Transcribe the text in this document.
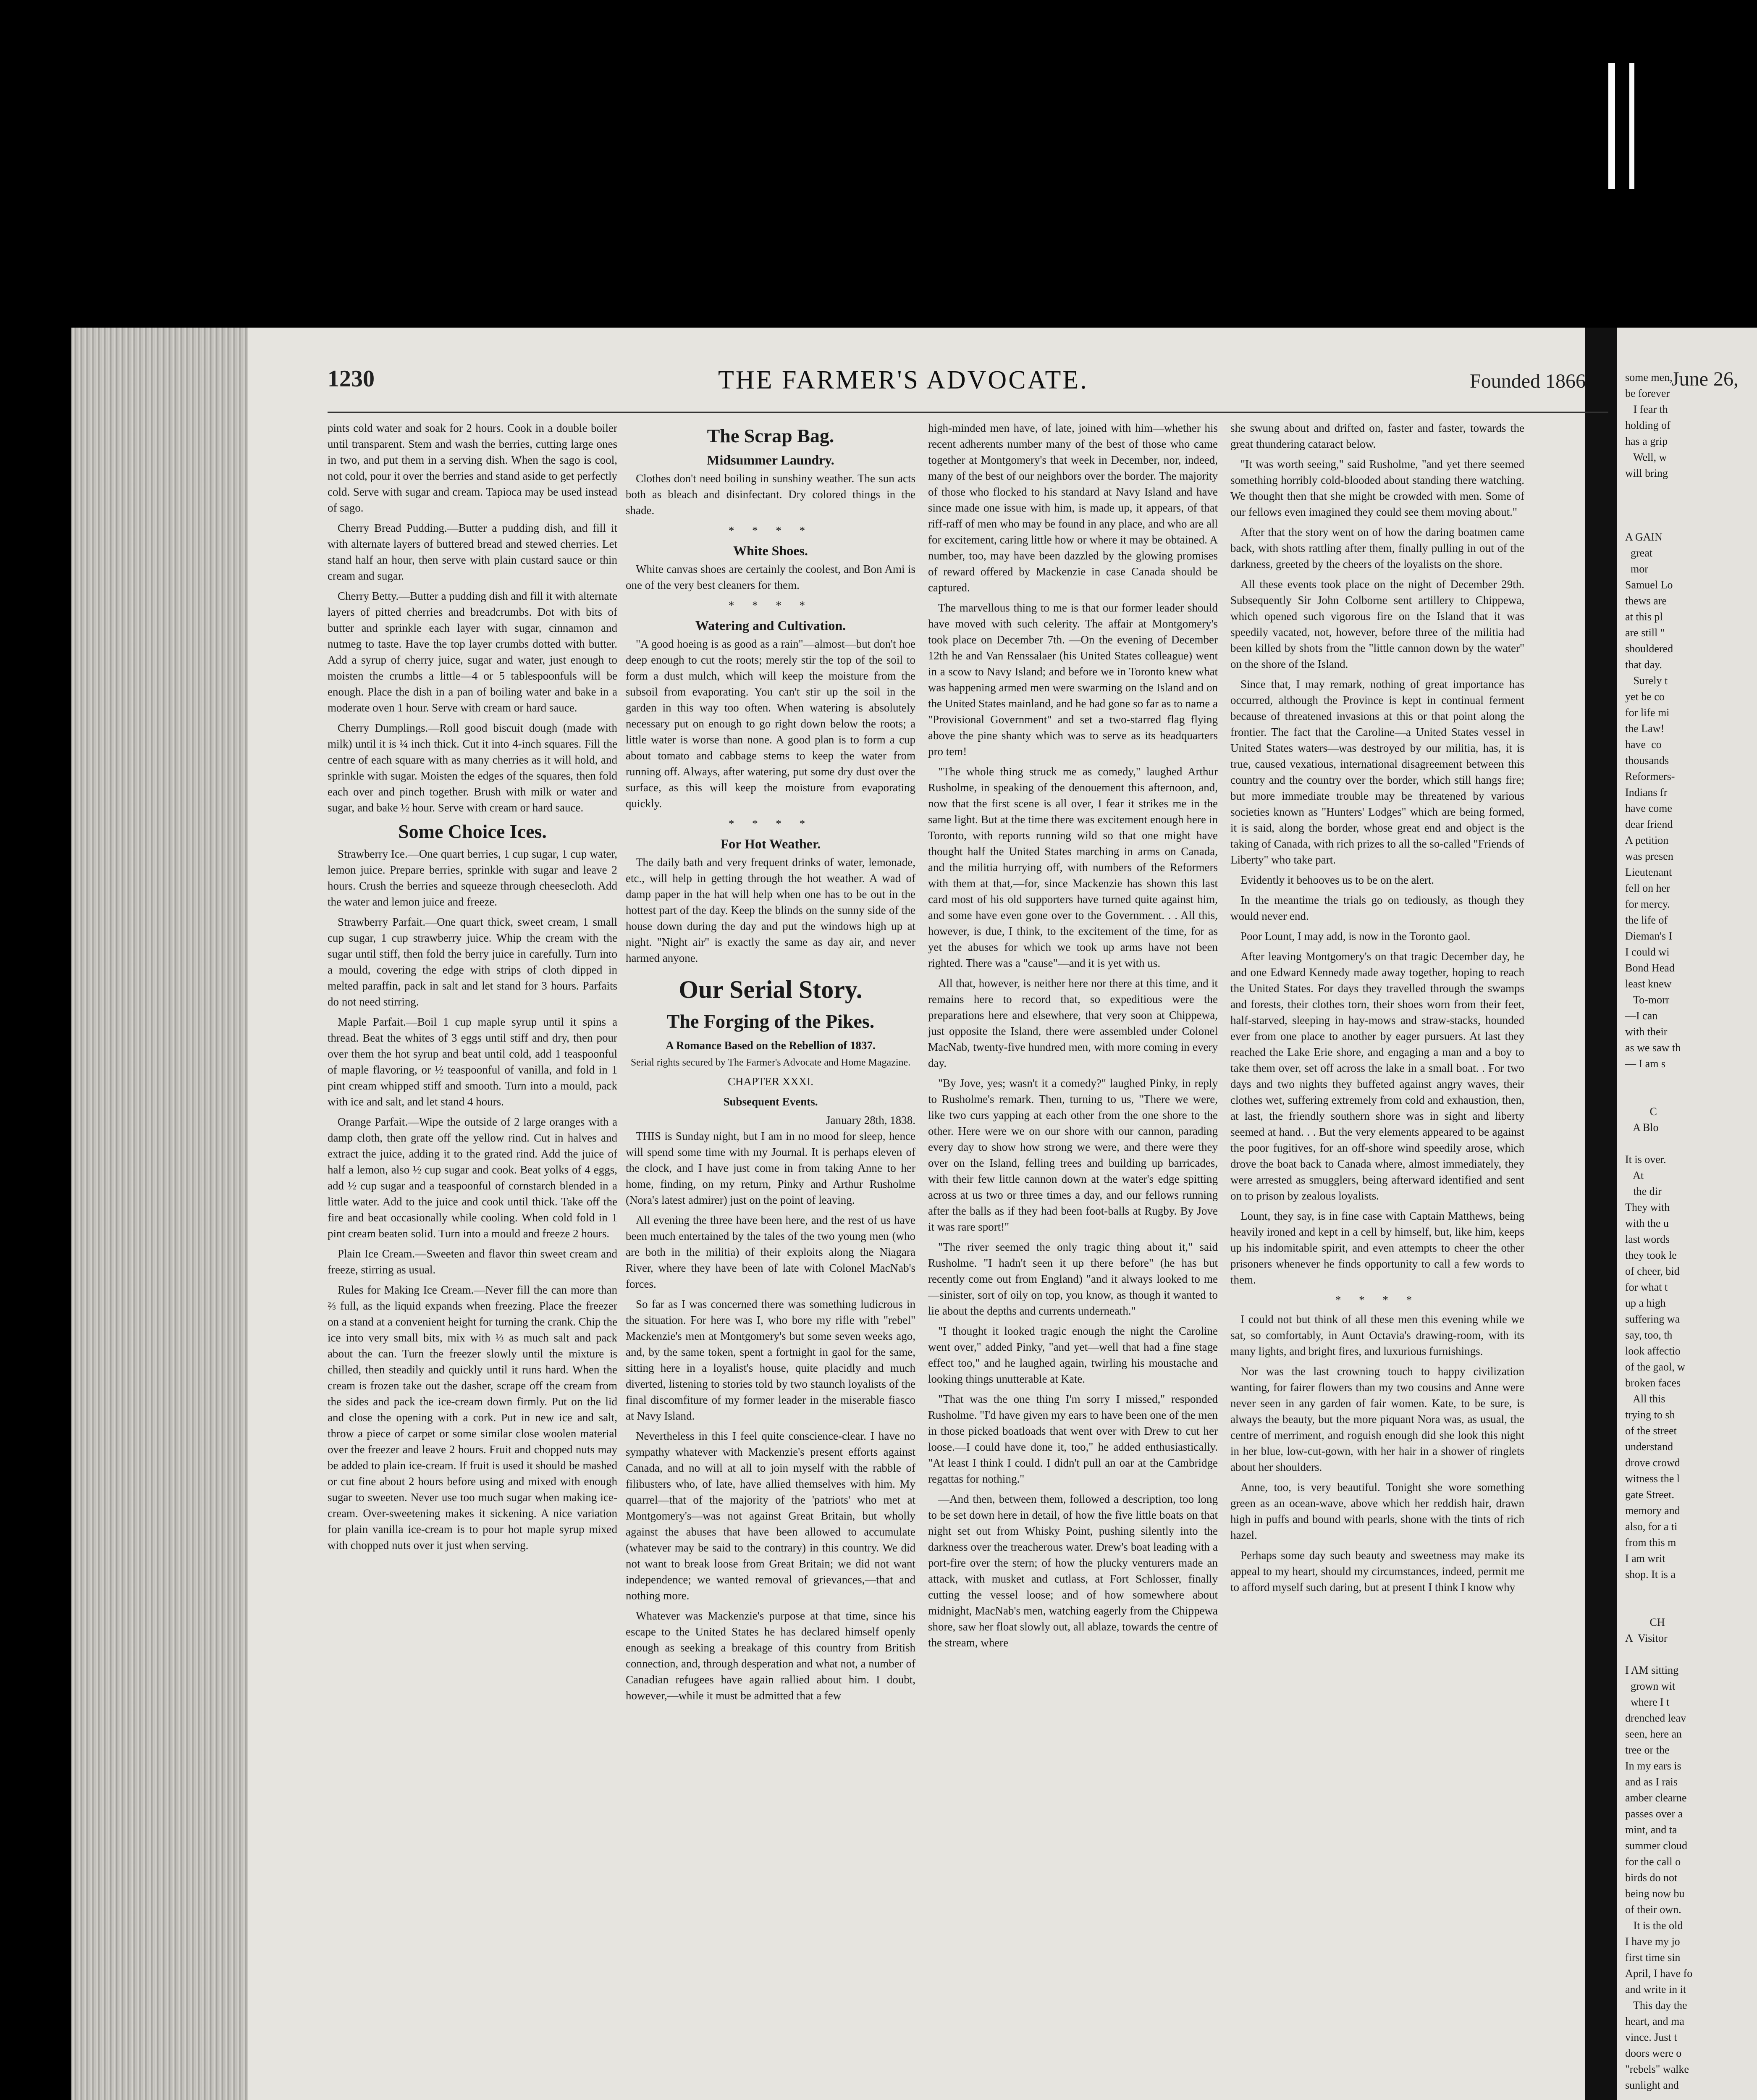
1230	THE FARMER'S ADVOCATE.	Founded 1866	June 26,

pints cold water and soak for 2 hours. Cook in a double boiler until transparent. Stem and wash the berries, cutting large ones in two, and put them in a serving dish. When the sago is cool, not cold, pour it over the berries and stand aside to get perfectly cold. Serve with sugar and cream. Tapioca may be used instead of sago.

Cherry Bread Pudding.—Butter a pudding dish, and fill it with alternate layers of buttered bread and stewed cherries. Let stand half an hour, then serve with plain custard sauce or thin cream and sugar.

Cherry Betty.—Butter a pudding dish and fill it with alternate layers of pitted cherries and breadcrumbs. Dot with bits of butter and sprinkle each layer with sugar, cinnamon and nutmeg to taste. Have the top layer crumbs dotted with butter. Add a syrup of cherry juice, sugar and water, just enough to moisten the crumbs a little—4 or 5 tablespoonfuls will be enough. Place the dish in a pan of boiling water and bake in a moderate oven 1 hour. Serve with cream or hard sauce.

Cherry Dumplings.—Roll good biscuit dough (made with milk) until it is ¼ inch thick. Cut it into 4-inch squares. Fill the centre of each square with as many cherries as it will hold, and sprinkle with sugar. Moisten the edges of the squares, then fold each over and pinch together. Brush with milk or water and sugar, and bake ½ hour. Serve with cream or hard sauce.

Some Choice Ices.

Strawberry Ice.—One quart berries, 1 cup sugar, 1 cup water, lemon juice. Prepare berries, sprinkle with sugar and leave 2 hours. Crush the berries and squeeze through cheesecloth. Add the water and lemon juice and freeze.

Strawberry Parfait.—One quart thick, sweet cream, 1 small cup sugar, 1 cup strawberry juice. Whip the cream with the sugar until stiff, then fold the berry juice in carefully. Turn into a mould, covering the edge with strips of cloth dipped in melted paraffin, pack in salt and let stand for 3 hours. Parfaits do not need stirring.

Maple Parfait.—Boil 1 cup maple syrup until it spins a thread. Beat the whites of 3 eggs until stiff and dry, then pour over them the hot syrup and beat until cold, add 1 teaspoonful of maple flavoring, or ½ teaspoonful of vanilla, and fold in 1 pint cream whipped stiff and smooth. Turn into a mould, pack with ice and salt, and let stand 4 hours.

Orange Parfait.—Wipe the outside of 2 large oranges with a damp cloth, then grate off the yellow rind. Cut in halves and extract the juice, adding it to the grated rind. Add the juice of half a lemon, also ½ cup sugar and cook. Beat yolks of 4 eggs, add ½ cup sugar and a teaspoonful of cornstarch blended in a little water. Add to the juice and cook until thick. Take off the fire and beat occasionally while cooling. When cold fold in 1 pint cream beaten solid. Turn into a mould and freeze 2 hours.

Plain Ice Cream.—Sweeten and flavor thin sweet cream and freeze, stirring as usual.

Rules for Making Ice Cream.—Never fill the can more than ⅔ full, as the liquid expands when freezing. Place the freezer on a stand at a convenient height for turning the crank. Chip the ice into very small bits, mix with ⅓ as much salt and pack about the can. Turn the freezer slowly until the mixture is chilled, then steadily and quickly until it runs hard. When the cream is frozen take out the dasher, scrape off the cream from the sides and pack the ice-cream down firmly. Put on the lid and close the opening with a cork. Put in new ice and salt, throw a piece of carpet or some similar close woolen material over the freezer and leave 2 hours. Fruit and chopped nuts may be added to plain ice-cream. If fruit is used it should be mashed or cut fine about 2 hours before using and mixed with enough sugar to sweeten. Never use too much sugar when making ice-cream. Over-sweetening makes it sickening. A nice variation for plain vanilla ice-cream is to pour hot maple syrup mixed with chopped nuts over it just when serving.

The Scrap Bag.
Midsummer Laundry.

Clothes don't need boiling in sunshiny weather. The sun acts both as bleach and disinfectant. Dry colored things in the shade.

* * * *
White Shoes.

White canvas shoes are certainly the coolest, and Bon Ami is one of the very best cleaners for them.

* * * *
Watering and Cultivation.

"A good hoeing is as good as a rain"—almost—but don't hoe deep enough to cut the roots; merely stir the top of the soil to form a dust mulch, which will keep the moisture from the subsoil from evaporating. You can't stir up the soil in the garden in this way too often. When watering is absolutely necessary put on enough to go right down below the roots; a little water is worse than none. A good plan is to form a cup about tomato and cabbage stems to keep the water from running off. Always, after watering, put some dry dust over the surface, as this will keep the moisture from evaporating quickly.

* * * *
For Hot Weather.

The daily bath and very frequent drinks of water, lemonade, etc., will help in getting through the hot weather. A wad of damp paper in the hat will help when one has to be out in the hottest part of the day. Keep the blinds on the sunny side of the house down during the day and put the windows high up at night. "Night air" is exactly the same as day air, and never harmed anyone.

Our Serial Story.
The Forging of the Pikes.
A Romance Based on the Rebellion of 1837.
Serial rights secured by The Farmer's Advocate and Home Magazine.
CHAPTER XXXI.
Subsequent Events.
January 28th, 1838.

THIS is Sunday night, but I am in no mood for sleep, hence will spend some time with my Journal. It is perhaps eleven of the clock, and I have just come in from taking Anne to her home, finding, on my return, Pinky and Arthur Rusholme (Nora's latest admirer) just on the point of leaving.

All evening the three have been here, and the rest of us have been much entertained by the tales of the two young men (who are both in the militia) of their exploits along the Niagara River, where they have been of late with Colonel MacNab's forces.

So far as I was concerned there was something ludicrous in the situation. For here was I, who bore my rifle with "rebel" Mackenzie's men at Montgomery's but some seven weeks ago, and, by the same token, spent a fortnight in gaol for the same, sitting here in a loyalist's house, quite placidly and much diverted, listening to stories told by two staunch loyalists of the final discomfiture of my former leader in the miserable fiasco at Navy Island.

Nevertheless in this I feel quite conscience-clear. I have no sympathy whatever with Mackenzie's present efforts against Canada, and no will at all to join myself with the rabble of filibusters who, of late, have allied themselves with him. My quarrel—that of the majority of the 'patriots' who met at Montgomery's—was not against Great Britain, but wholly against the abuses that have been allowed to accumulate (whatever may be said to the contrary) in this country. We did not want to break loose from Great Britain; we did not want independence; we wanted removal of grievances,—that and nothing more.

Whatever was Mackenzie's purpose at that time, since his escape to the United States he has declared himself openly enough as seeking a breakage of this country from British connection, and, through desperation and what not, a number of Canadian refugees have again rallied about him. I doubt, however,—while it must be admitted that a few

high-minded men have, of late, joined with him—whether his recent adherents number many of the best of those who came together at Montgomery's that week in December, nor, indeed, many of the best of our neighbors over the border. The majority of those who flocked to his standard at Navy Island and have since made one issue with him, is made up, it appears, of that riff-raff of men who may be found in any place, and who are all for excitement, caring little how or where it may be obtained. A number, too, may have been dazzled by the glowing promises of reward offered by Mackenzie in case Canada should be captured.

The marvellous thing to me is that our former leader should have moved with such celerity. The affair at Montgomery's took place on December 7th. —On the evening of December 12th he and Van Renssalaer (his United States colleague) went in a scow to Navy Island; and before we in Toronto knew what was happening armed men were swarming on the Island and on the United States mainland, and he had gone so far as to name a "Provisional Government" and set a two-starred flag flying above the pine shanty which was to serve as its headquarters pro tem!

"The whole thing struck me as comedy," laughed Arthur Rusholme, in speaking of the denouement this afternoon, and, now that the first scene is all over, I fear it strikes me in the same light. But at the time there was excitement enough here in Toronto, with reports running wild so that one might have thought half the United States marching in arms on Canada, and the militia hurrying off, with numbers of the Reformers with them at that,—for, since Mackenzie has shown this last card most of his old supporters have turned quite against him, and some have even gone over to the Government. . . All this, however, is due, I think, to the excitement of the time, for as yet the abuses for which we took up arms have not been righted. There was a "cause"—and it is yet with us.

All that, however, is neither here nor there at this time, and it remains here to record that, so expeditious were the preparations here and elsewhere, that very soon at Chippewa, just opposite the Island, there were assembled under Colonel MacNab, twenty-five hundred men, with more coming in every day.

"By Jove, yes; wasn't it a comedy?" laughed Pinky, in reply to Rusholme's remark. Then, turning to us, "There we were, like two curs yapping at each other from the one shore to the other. Here were we on our shore with our cannon, parading every day to show how strong we were, and there were they over on the Island, felling trees and building up barricades, with their few little cannon down at the water's edge spitting across at us two or three times a day, and our fellows running after the balls as if they had been foot-balls at Rugby. By Jove it was rare sport!"

"The river seemed the only tragic thing about it," said Rusholme. "I hadn't seen it up there before" (he has but recently come out from England) "and it always looked to me—sinister, sort of oily on top, you know, as though it wanted to lie about the depths and currents underneath."

"I thought it looked tragic enough the night the Caroline went over," added Pinky, "and yet—well that had a fine stage effect too," and he laughed again, twirling his moustache and looking things unutterable at Kate.

"That was the one thing I'm sorry I missed," responded Rusholme. "I'd have given my ears to have been one of the men in those picked boatloads that went over with Drew to cut her loose.—I could have done it, too," he added enthusiastically. "At least I think I could. I didn't pull an oar at the Cambridge regattas for nothing."

—And then, between them, followed a description, too long to be set down here in detail, of how the five little boats on that night set out from Whisky Point, pushing silently into the darkness over the treacherous water. Drew's boat leading with a port-fire over the stern; of how the plucky venturers made an attack, with musket and cutlass, at Fort Schlosser, finally cutting the vessel loose; and of how somewhere about midnight, MacNab's men, watching eagerly from the Chippewa shore, saw her float slowly out, all ablaze, towards the centre of the stream, where

she swung about and drifted on, faster and faster, towards the great thundering cataract below.

"It was worth seeing," said Rusholme, "and yet there seemed something horribly cold-blooded about standing there watching. We thought then that she might be crowded with men. Some of our fellows even imagined they could see them moving about."

After that the story went on of how the daring boatmen came back, with shots rattling after them, finally pulling in out of the darkness, greeted by the cheers of the loyalists on the shore.

All these events took place on the night of December 29th. Subsequently Sir John Colborne sent artillery to Chippewa, which opened such vigorous fire on the Island that it was speedily vacated, not, however, before three of the militia had been killed by shots from the "little cannon down by the water" on the shore of the Island.

Since that, I may remark, nothing of great importance has occurred, although the Province is kept in continual ferment because of threatened invasions at this or that point along the frontier. The fact that the Caroline—a United States vessel in United States waters—was destroyed by our militia, has, it is true, caused vexatious, international disagreement between this country and the country over the border, which still hangs fire; but more immediate trouble may be threatened by various societies known as "Hunters' Lodges" which are being formed, it is said, along the border, whose great end and object is the taking of Canada, with rich prizes to all the so-called "Friends of Liberty" who take part.

Evidently it behooves us to be on the alert.

In the meantime the trials go on tediously, as though they would never end.

Poor Lount, I may add, is now in the Toronto gaol.

After leaving Montgomery's on that tragic December day, he and one Edward Kennedy made away together, hoping to reach the United States. For days they travelled through the swamps and forests, their clothes torn, their shoes worn from their feet, half-starved, sleeping in hay-mows and straw-stacks, hounded ever from one place to another by eager pursuers. At last they reached the Lake Erie shore, and engaging a man and a boy to take them over, set off across the lake in a small boat. . For two days and two nights they buffeted against angry waves, their clothes wet, suffering extremely from cold and exhaustion, then, at last, the friendly southern shore was in sight and liberty seemed at hand. . . But the very elements appeared to be against the poor fugitives, for an off-shore wind speedily arose, which drove the boat back to Canada where, almost immediately, they were arrested as smugglers, being afterward identified and sent on to prison by zealous loyalists.

Lount, they say, is in fine case with Captain Matthews, being heavily ironed and kept in a cell by himself, but, like him, keeps up his indomitable spirit, and even attempts to cheer the other prisoners whenever he finds opportunity to call a few words to them.

* * * *

I could not but think of all these men this evening while we sat, so comfortably, in Aunt Octavia's drawing-room, with its many lights, and bright fires, and luxurious furnishings.

Nor was the last crowning touch to happy civilization wanting, for fairer flowers than my two cousins and Anne were never seen in any garden of fair women. Kate, to be sure, is always the beauty, but the more piquant Nora was, as usual, the centre of merriment, and roguish enough did she look this night in her blue, low-cut-gown, with her hair in a shower of ringlets about her shoulders.

Anne, too, is very beautiful. Tonight she wore something green as an ocean-wave, above which her reddish hair, drawn high in puffs and bound with pearls, shone with the tints of rich hazel.

Perhaps some day such beauty and sweetness may make its appeal to my heart, should my circumstances, indeed, permit me to afford myself such daring, but at present I think I know why

some men,
be forever
I fear th
holding of
has a grip
Well, w
will bring

A GAIN
great
mor
Samuel Lo
thews are
at this pl
are still "
shouldered
that day.
Surely t
yet be co
for life mi
the Law!
have  co
thousands
Reformers-
Indians fr
have come
dear friend
A petition
was presen
Lieutenant
fell on her
for mercy.
the life of
Dieman's I
I could wi
Bond Head
least knew
To-morr
—I can
with their
as we saw th
— I am s

C
A Blo

It is over.
At
the dir
They with
with the u
last words
they took le
of cheer, bid
for what t
up a high
suffering wa
say, too, th
look affectio
of the gaol, w
broken faces
All this
trying to sh
of the street
understand
drove crowd
witness the l
gate Street.
memory and
also, for a ti
from this m
I am writ
shop. It is a

CH
A  Visitor

I AM sitting
grown wit
where I t
drenched leav
seen, here an
tree or the
In my ears is
and as I rais
amber clearne
passes over a
mint, and ta
summer cloud
for the call o
birds do not
being now bu
of their own.
It is the old
I have my jo
first time sin
April, I have fo
and write in it
This day the
heart, and ma
vince. Just t
doors were o
"rebels" walke
sunlight and
